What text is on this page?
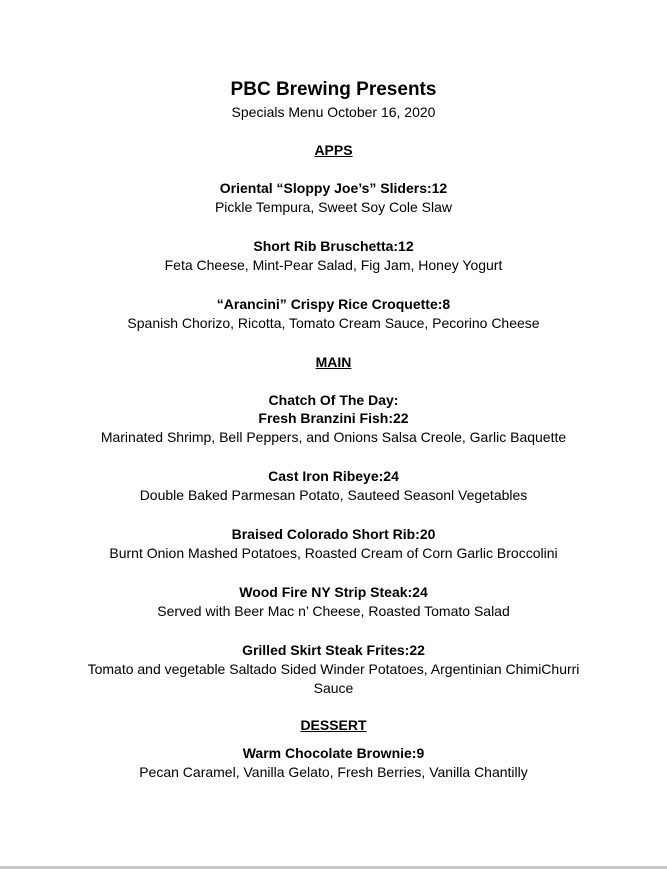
PBC Brewing Presents

Specials Menu October 16, 2020

APPS

Oriental “Sloppy Joe’s” Sliders:12

Pickle Tempura, Sweet Soy Cole Slaw

Short Rib Bruschetta:12

Feta Cheese, Mint-Pear Salad, Fig Jam, Honey Yogurt

“Arancini” Crispy Rice Croquette:8

Spanish Chorizo, Ricotta, Tomato Cream Sauce, Pecorino Cheese

MAIN

Chatch Of The Day:

Fresh Branzini Fish:22

Marinated Shrimp, Bell Peppers, and Onions Salsa Creole, Garlic Baquette

Cast Iron Ribeye:24

Double Baked Parmesan Potato, Sauteed Seasonl Vegetables

Braised Colorado Short Rib:20

Burnt Onion Mashed Potatoes, Roasted Cream of Corn Garlic Broccolini

Wood Fire NY Strip Steak:24

Served with Beer Mac n’ Cheese, Roasted Tomato Salad

Grilled Skirt Steak Frites:22

Tomato and vegetable Saltado Sided Winder Potatoes, Argentinian ChimiChurri Sauce

DESSERT

Warm Chocolate Brownie:9

Pecan Caramel, Vanilla Gelato, Fresh Berries, Vanilla Chantilly
